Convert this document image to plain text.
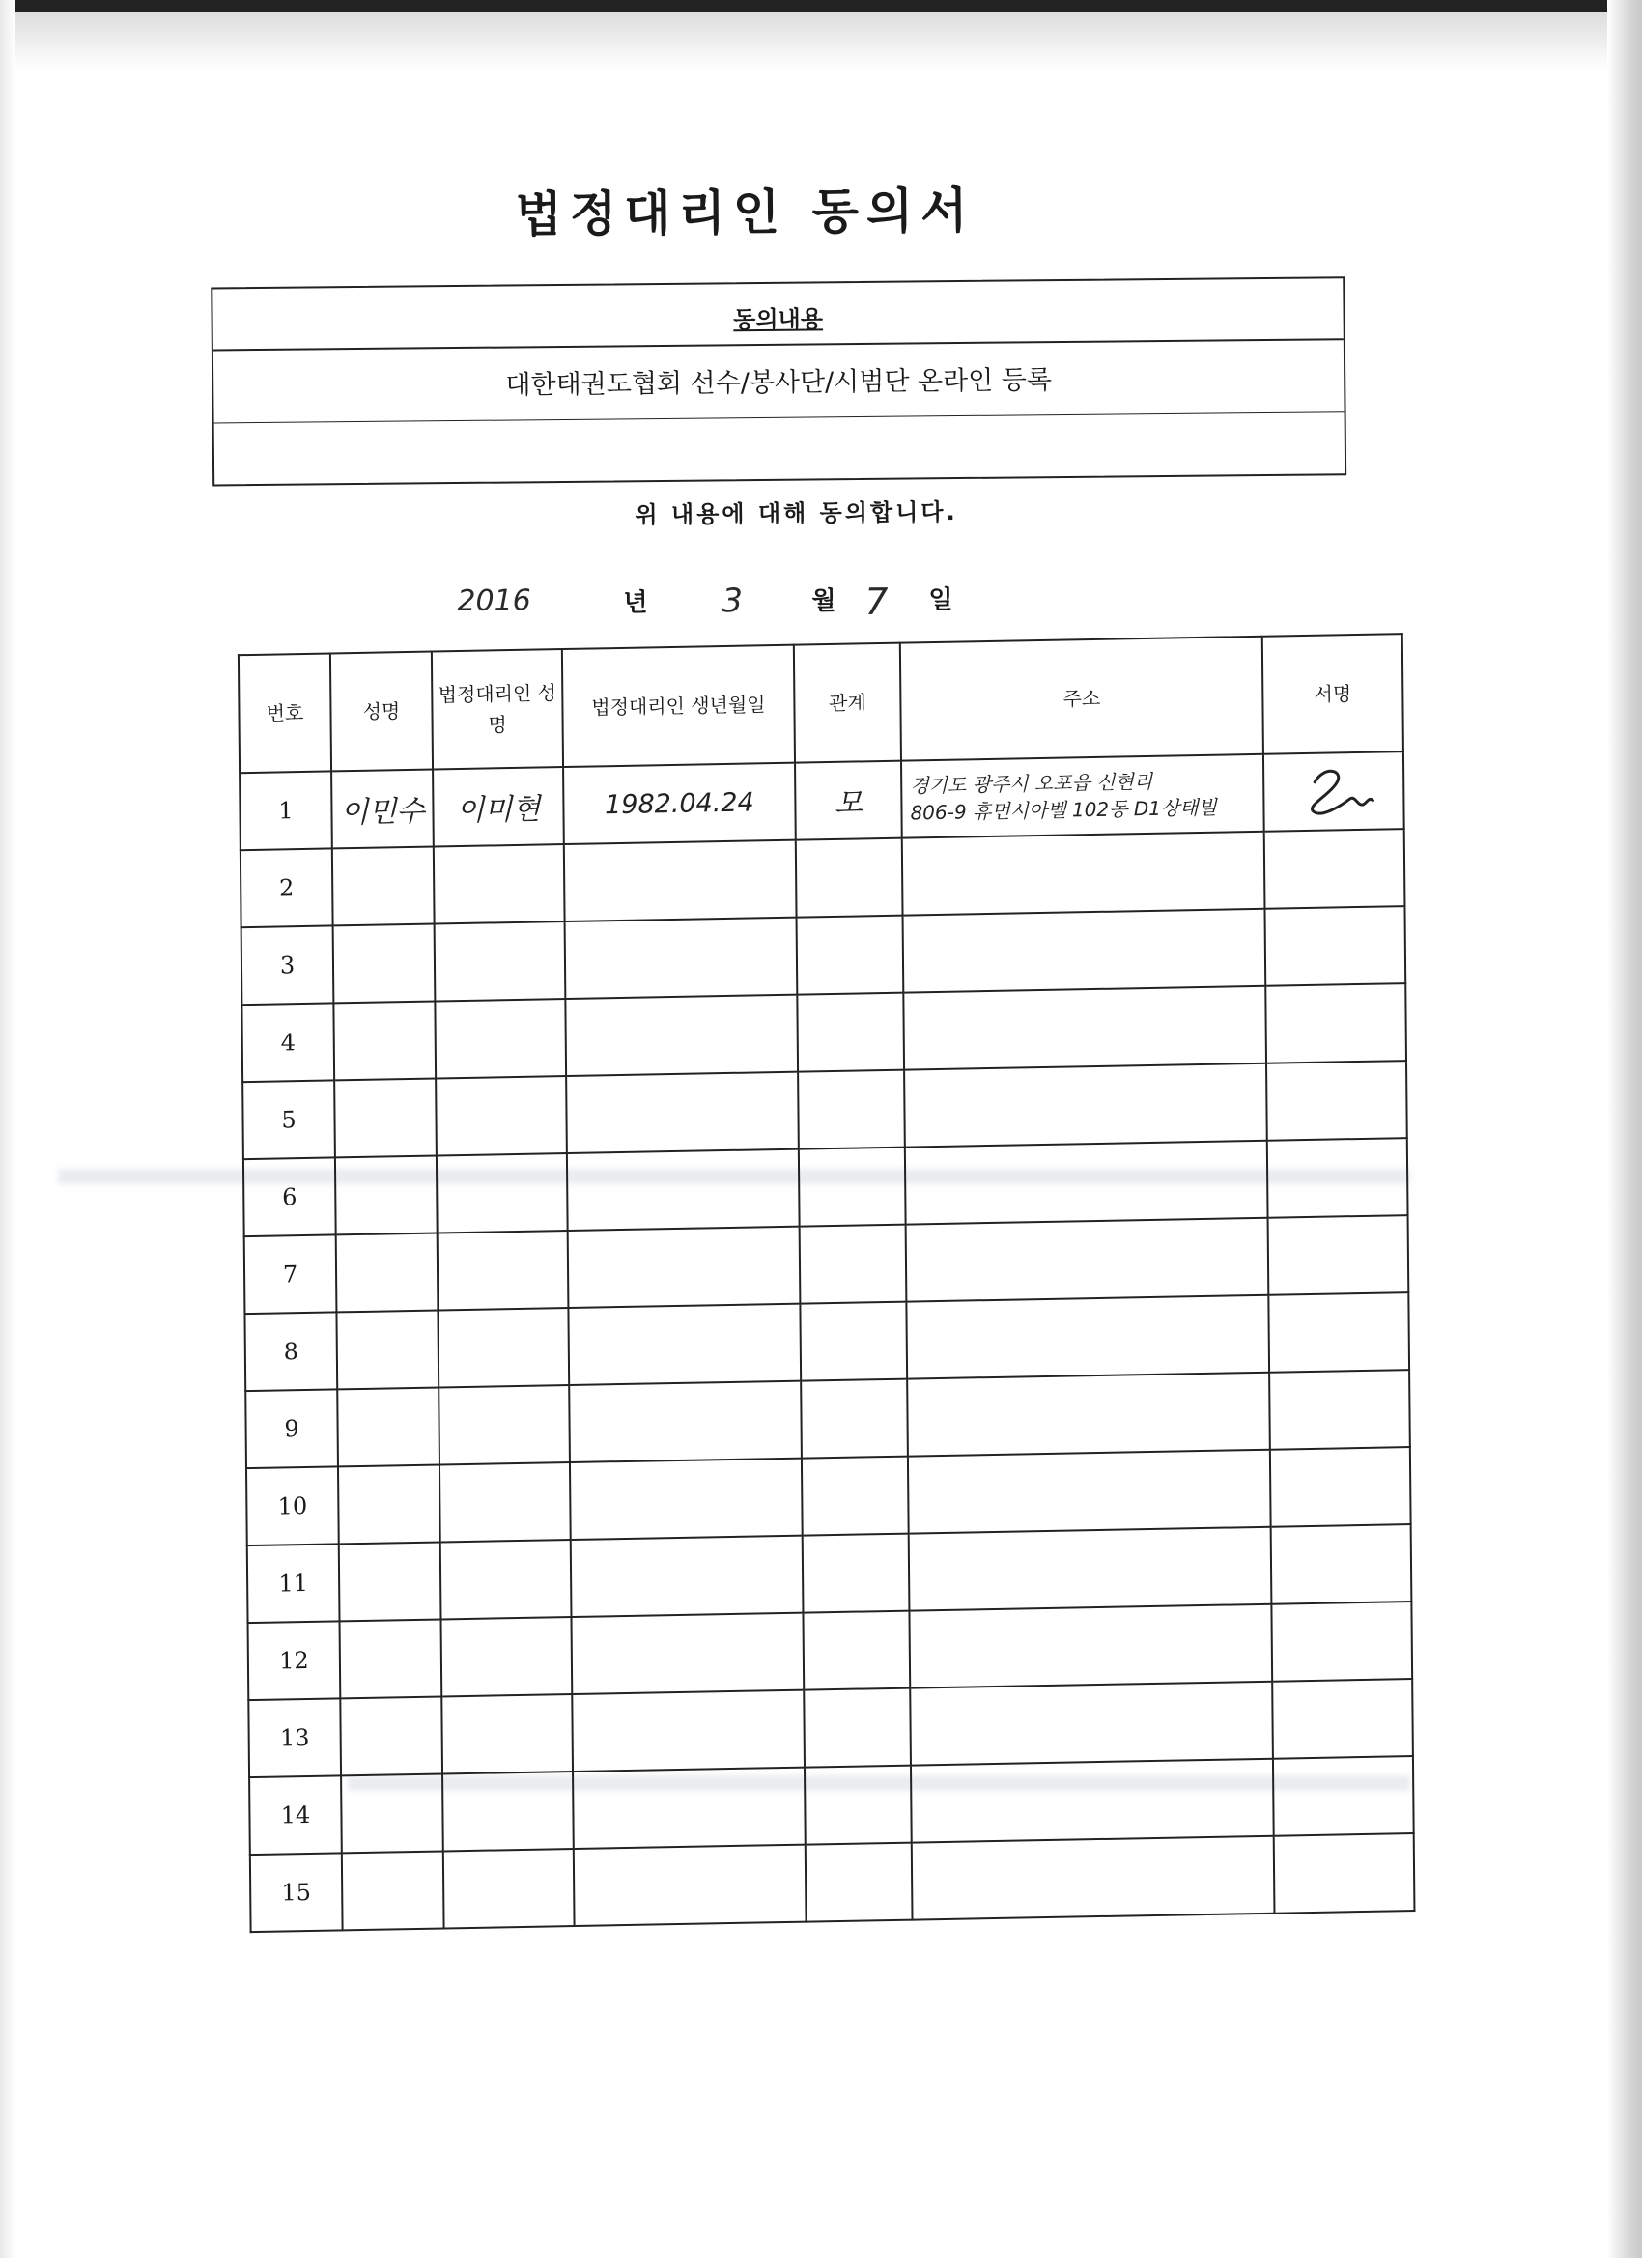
법정대리인 동의서
동의내용
대한태권도협회 선수/봉사단/시범단 온라인 등록
위 내용에 대해 동의합니다.
2016	년 3	월 7 일
번호	성명	법정대리인 성명	법정대리인 생년월일	관계	주소	서명
1	이민수	이미현	1982.04.24	모	경기도 광주시 오포읍 신현리
806-9 휴먼시아벨 102동 D1상태빌

2						
3						
4						
5						
6						
7						
8						
9						
10						
11						
12						
13						
14						
15						
